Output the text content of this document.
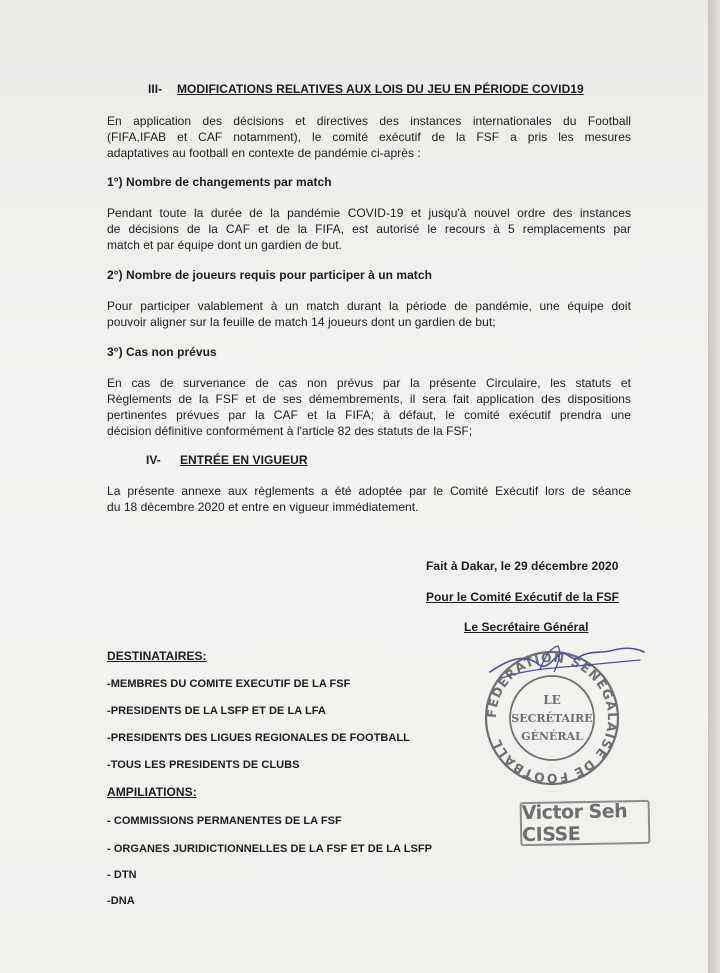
III- MODIFICATIONS RELATIVES AUX LOIS DU JEU EN PÉRIODE COVID19
En application des décisions et directives des instances internationales du Football
(FIFA,IFAB et CAF notamment), le comité exécutif de la FSF a pris les mesures
adaptatives au football en contexte de pandémie ci-après :
1°) Nombre de changements par match
Pendant toute la durée de la pandémie COVID-19 et jusqu'à nouvel ordre des instances
de décisions de la CAF et de la FIFA, est autorisé le recours à 5 remplacements par
match et par équipe dont un gardien de but.
2°) Nombre de joueurs requis pour participer à un match
Pour participer valablement à un match durant la période de pandémie, une équipe doit
pouvoir aligner sur la feuille de match 14 joueurs dont un gardien de but;
3°) Cas non prévus
En cas de survenance de cas non prévus par la présente Circulaire, les statuts et
Règlements de la FSF et de ses démembrements, il sera fait application des dispositions
pertinentes prévues par la CAF et la FIFA; à défaut, le comité exécutif prendra une
décision définitive conformément à l'article 82 des statuts de la FSF;
IV- ENTRÉE EN VIGUEUR
La présente annexe aux règlements a été adoptée par le Comité Exécutif lors de séance
du 18 décembre 2020 et entre en vigueur immédiatement.
Fait à Dakar, le 29 décembre 2020
Pour le Comité Exécutif de la FSF
Le Secrétaire Général
DESTINATAIRES:
-MEMBRES DU COMITE EXECUTIF DE LA FSF
-PRESIDENTS DE LA LSFP ET DE LA LFA
-PRESIDENTS DES LIGUES REGIONALES DE FOOTBALL
-TOUS LES PRESIDENTS DE CLUBS
AMPILIATIONS:
- COMMISSIONS PERMANENTES DE LA FSF
- ORGANES JURIDICTIONNELLES DE LA FSF ET DE LA LSFP
- DTN
-DNA
FEDERATION SENEGALAISE DE FOOTBALL
LE
SECRÉTAIRE
GÉNÉRAL
Victor Seh CISSE
